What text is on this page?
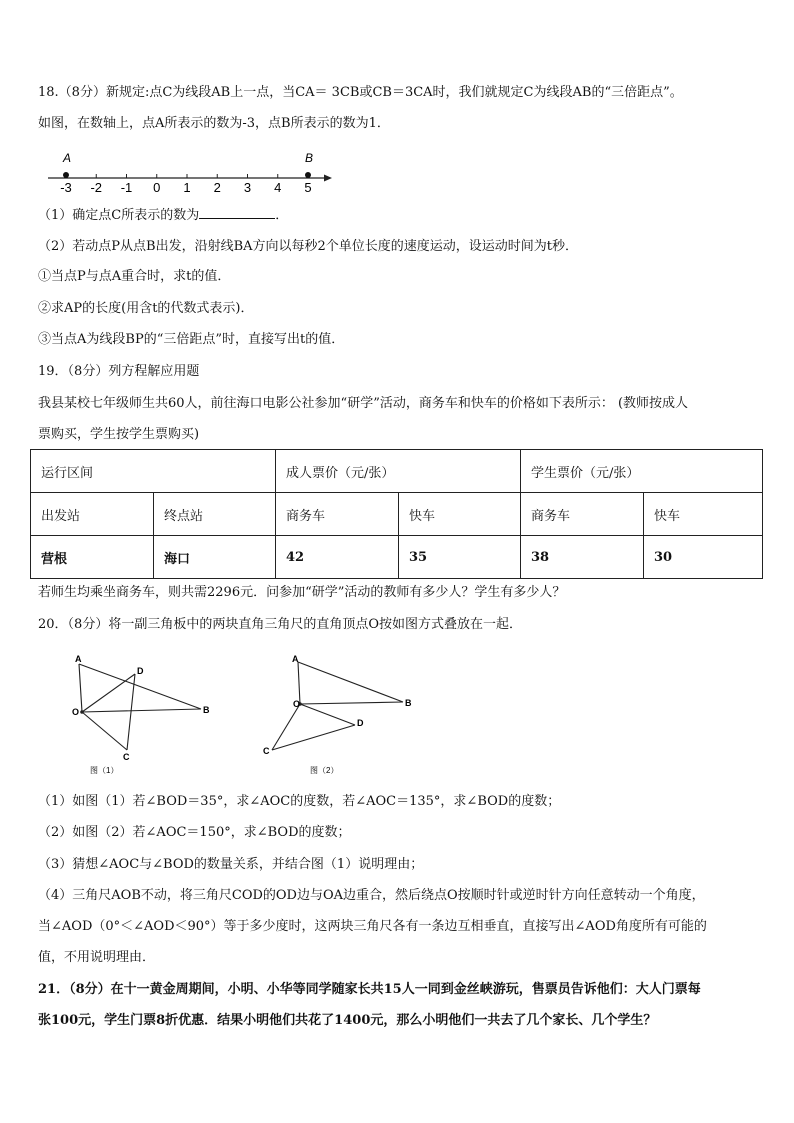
18.（8分）新规定:点C为线段AB上一点，当CA＝ 3CB或CB＝3CA时，我们就规定C为线段AB的“三倍距点”。
如图，在数轴上，点A所表示的数为-3，点B所表示的数为1．
-3 -2 -1 0 1 2 3 4 5
A	B
（1）确定点C所表示的数为	．
（2）若动点P从点B出发，沿射线BA方向以每秒2个单位长度的速度运动，设运动时间为t秒．
①当点P与点A重合时，求t的值．
②求AP的长度(用含t的代数式表示)．
③当点A为线段BP的“三倍距点”时，直接写出t的值．
19．（8分）列方程解应用题
我县某校七年级师生共60人，前往海口电影公社参加“研学”活动，商务车和快车的价格如下表所示： (教师按成人
票购买，学生按学生票购买)
运行区间		成人票价（元/张）		学生票价（元/张）	
出发站	终点站	商务车	快车	商务车	快车
营根	海口	42	35	38	30
若师生均乘坐商务车，则共需2296元．问参加“研学”活动的教师有多少人？学生有多少人？
20．（8分）将一副三角板中的两块直角三角尺的直角顶点O按如图方式叠放在一起．
A
D
O	B
C
图（1）
A
O	B
D
C
图（2）
（1）如图（1）若∠BOD＝35°，求∠AOC的度数，若∠AOC＝135°，求∠BOD的度数；
（2）如图（2）若∠AOC＝150°，求∠BOD的度数；
（3）猜想∠AOC与∠BOD的数量关系，并结合图（1）说明理由；
（4）三角尺AOB不动，将三角尺COD的OD边与OA边重合，然后绕点O按顺时针或逆时针方向任意转动一个角度，
当∠AOD（0°＜∠AOD＜90°）等于多少度时，这两块三角尺各有一条边互相垂直，直接写出∠AOD角度所有可能的
值，不用说明理由．
21．（8分）在十一黄金周期间，小明、小华等同学随家长共15人一同到金丝峡游玩，售票员告诉他们：大人门票每
张100元，学生门票8折优惠．结果小明他们共花了1400元，那么小明他们一共去了几个家长、几个学生？
